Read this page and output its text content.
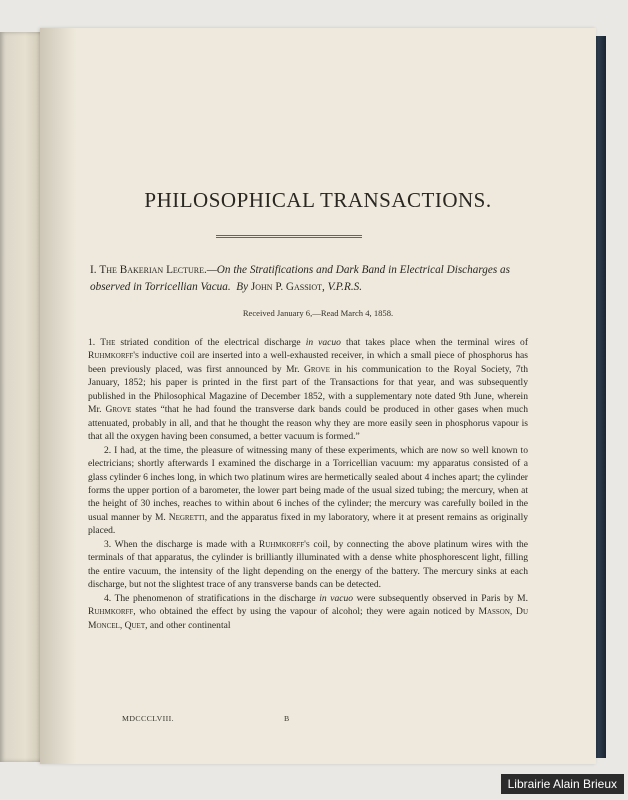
PHILOSOPHICAL TRANSACTIONS.
I. The Bakerian Lecture.—On the Stratifications and Dark Band in Electrical Discharges as observed in Torricellian Vacua. By John P. Gassiot, V.P.R.S.
Received January 6,—Read March 4, 1858.

1. The striated condition of the electrical discharge in vacuo that takes place when the terminal wires of Ruhmkorff's inductive coil are inserted into a well-exhausted receiver, in which a small piece of phosphorus has been previously placed, was first announced by Mr. Grove in his communication to the Royal Society, 7th January, 1852; his paper is printed in the first part of the Transactions for that year, and was subsequently published in the Philosophical Magazine of December 1852, with a supplementary note dated 9th June, wherein Mr. Grove states “that he had found the transverse dark bands could be produced in other gases when much attenuated, probably in all, and that he thought the reason why they are more easily seen in phosphorus vapour is that all the oxygen having been consumed, a better vacuum is formed.”

2. I had, at the time, the pleasure of witnessing many of these experiments, which are now so well known to electricians; shortly afterwards I examined the discharge in a Torricellian vacuum: my apparatus consisted of a glass cylinder 6 inches long, in which two platinum wires are hermetically sealed about 4 inches apart; the cylinder forms the upper portion of a barometer, the lower part being made of the usual sized tubing; the mercury, when at the height of 30 inches, reaches to within about 6 inches of the cylinder; the mercury was carefully boiled in the usual manner by M. Negretti, and the apparatus fixed in my laboratory, where it at present remains as originally placed.

3. When the discharge is made with a Ruhmkorff's coil, by connecting the above platinum wires with the terminals of that apparatus, the cylinder is brilliantly illuminated with a dense white phosphorescent light, filling the entire vacuum, the intensity of the light depending on the energy of the battery. The mercury sinks at each discharge, but not the slightest trace of any transverse bands can be detected.

4. The phenomenon of stratifications in the discharge in vacuo were subsequently observed in Paris by M. Ruhmkorff, who obtained the effect by using the vapour of alcohol; they were again noticed by Masson, Du Moncel, Quet, and other continental

MDCCCLVIII.	B
Librairie Alain Brieux
